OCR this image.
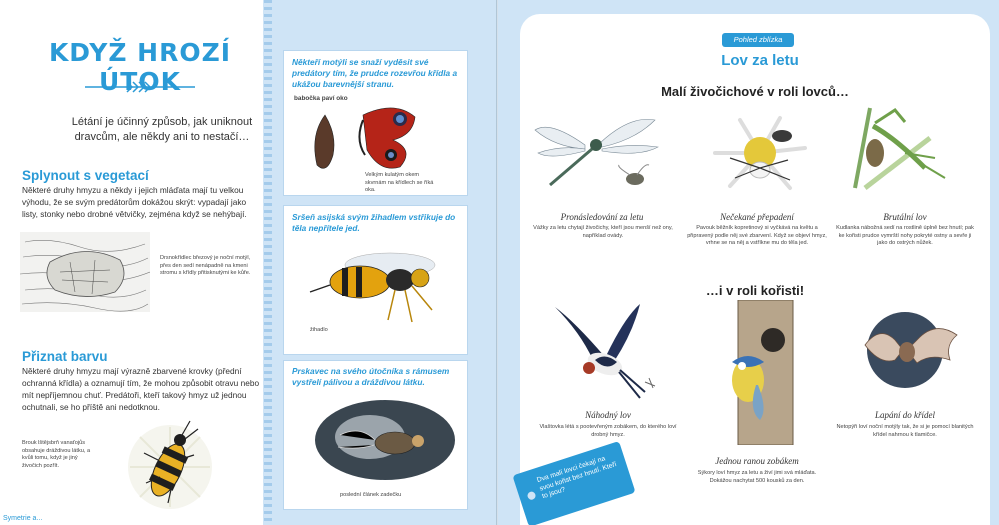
KDYŽ HROZÍ ÚTOK
Létání je účinný způsob, jak uniknout dravcům, ale někdy ani to nestačí…
Splynout s vegetací
Některé druhy hmyzu a někdy i jejich mláďata mají tu velkou výhodu, že se svým predátorům dokážou skrýt: vypadají jako listy, stonky nebo drobné větvičky, zejména když se nehýbají.
Drsnokřídlec březový je noční motýl, přes den sedí nenápadně na kmeni stromu s křídly přitisknutými ke kůře.
Přiznat barvu
Některé druhy hmyzu mají výrazně zbarvené krovky (přední ochranná křídla) a oznamují tím, že mohou způsobit otravu nebo mít nepříjemnou chuť. Predátoři, kteří takový hmyz už jednou ochutnali, se ho příště ani nedotknou.
Brouk lštějsbrň vanaťojůs obsahuje dráždivou látku, a kvůli tomu, když je jiný živočich pozřít.
Symetrie a...
Někteří motýli se snaží vyděsit své predátory tím, že prudce rozevřou křídla a ukážou barevnější stranu.
babočka paví oko
Velkým kulatým okem skvrnám na křídlech se říká oka.
Sršeň asijská svým žihadlem vstřikuje do těla nepřítele jed.
žihadlo
Prskavec na svého útočníka s rámusem vystřelí pálivou a dráždivou látku.
poslední článek zadečku
Pohled zblízka
Lov za letu
Malí živočichové v roli lovců…
Pronásledování za letu
Vážky za letu chytají živočichy, kteří jsou menší než ony, například ovády.
Nečekané přepadení
Pavouk běžník kopretinový si vyčkává na květu a připravený podle něj své zbarvení. Když se objeví hmyz, vrhne se na něj a vstříkne mu do těla jed.
Brutální lov
Kudlanka nábožná sedí na rostlině úplně bez hnutí; pak ke kořisti prudce vymrští nohy pokryté ostny a sevře ji jako do ostrých nůžek.
…i v roli kořisti!
Náhodný lov
Vlaštovka létá s pootevřeným zobákem, do kterého loví drobný hmyz.
Jednou ranou zobákem
Sýkory loví hmyz za letu a živí jimi svá mláďata. Dokážou nachytat 500 kousků za den.
Lapání do křídel
Netopýři loví noční motýly tak, že si je pomocí blanitých křídel nahrnou k tlamičce.
Dva malí lovci čekají na svou kořist bez hnutí. Kteří to jsou?
